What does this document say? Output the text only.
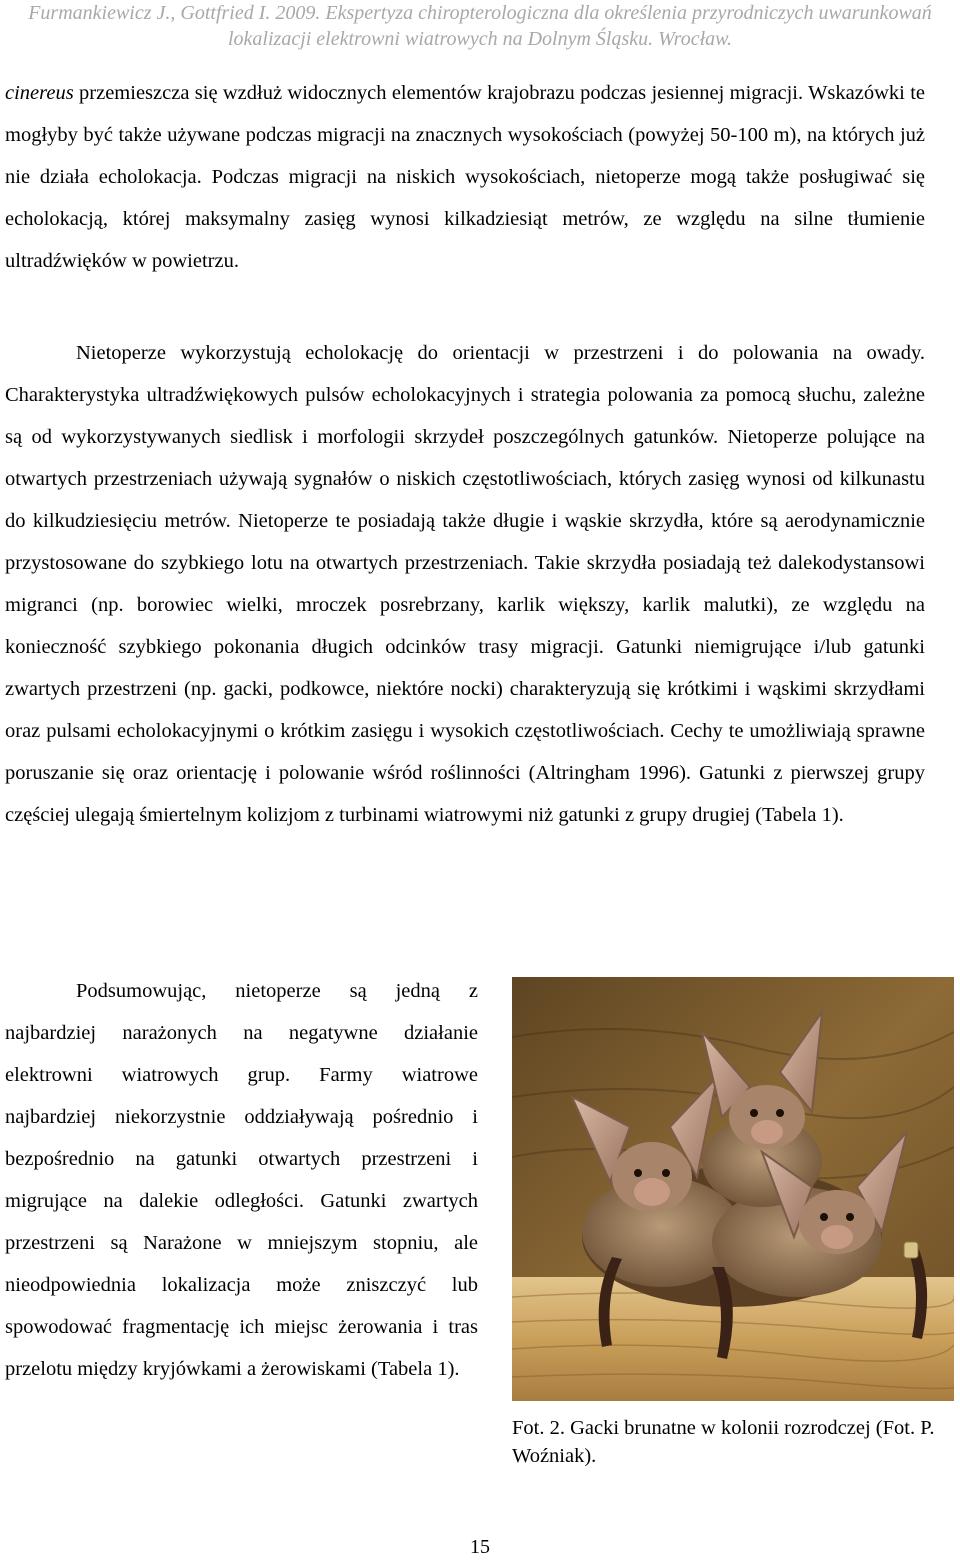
Furmankiewicz J., Gottfried I. 2009. Ekspertyza chiropterologiczna dla określenia przyrodniczych uwarunkowań
lokalizacji elektrowni wiatrowych na Dolnym Śląsku. Wrocław.

cinereus przemieszcza się wzdłuż widocznych elementów krajobrazu podczas jesiennej migracji. Wskazówki te mogłyby być także używane podczas migracji na znacznych wysokościach (powyżej 50-100 m), na których już nie działa echolokacja. Podczas migracji na niskich wysokościach, nietoperze mogą także posługiwać się echolokacją, której maksymalny zasięg wynosi kilkadziesiąt metrów, ze względu na silne tłumienie ultradźwięków w powietrzu.

Nietoperze wykorzystują echolokację do orientacji w przestrzeni i do polowania na owady. Charakterystyka ultradźwiękowych pulsów echolokacyjnych i strategia polowania za pomocą słuchu, zależne są od wykorzystywanych siedlisk i morfologii skrzydeł poszczególnych gatunków. Nietoperze polujące na otwartych przestrzeniach używają sygnałów o niskich częstotliwościach, których zasięg wynosi od kilkunastu do kilkudziesięciu metrów. Nietoperze te posiadają także długie i wąskie skrzydła, które są aerodynamicznie przystosowane do szybkiego lotu na otwartych przestrzeniach. Takie skrzydła posiadają też dalekodystansowi migranci (np. borowiec wielki, mroczek posrebrzany, karlik większy, karlik malutki), ze względu na konieczność szybkiego pokonania długich odcinków trasy migracji. Gatunki niemigrujące i/lub gatunki zwartych przestrzeni (np. gacki, podkowce, niektóre nocki) charakteryzują się krótkimi i wąskimi skrzydłami oraz pulsami echolokacyjnymi o krótkim zasięgu i wysokich częstotliwościach. Cechy te umożliwiają sprawne poruszanie się oraz orientację i polowanie wśród roślinności (Altringham 1996). Gatunki z pierwszej grupy częściej ulegają śmiertelnym kolizjom z turbinami wiatrowymi niż gatunki z grupy drugiej (Tabela 1).

Podsumowując, nietoperze są jedną z najbardziej narażonych na negatywne działanie elektrowni wiatrowych grup. Farmy wiatrowe najbardziej niekorzystnie oddziaływają pośrednio i bezpośrednio na gatunki otwartych przestrzeni i migrujące na dalekie odległości. Gatunki zwartych przestrzeni są Narażone w mniejszym stopniu, ale nieodpowiednia lokalizacja może zniszczyć lub spowodować fragmentację ich miejsc żerowania i tras przelotu między kryjówkami a żerowiskami (Tabela 1).

Fot. 2. Gacki brunatne w kolonii rozrodczej (Fot. P. Woźniak).

15
